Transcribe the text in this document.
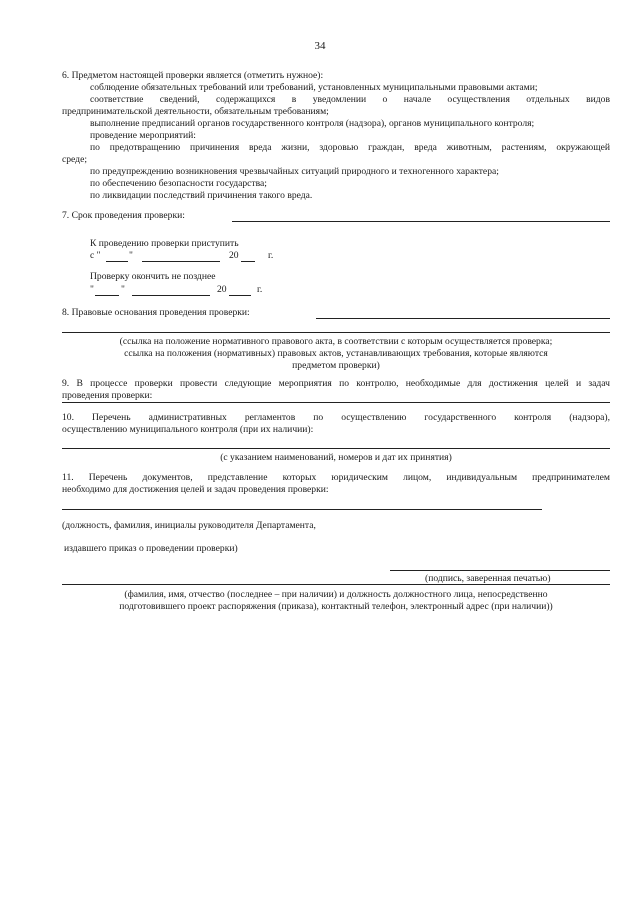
34
6. Предметом настоящей проверки является (отметить нужное):
соблюдение обязательных требований или требований, установленных муниципальными правовыми актами;
соответствие сведений, содержащихся в уведомлении о начале осуществления отдельных видов
предпринимательской деятельности, обязательным требованиям;
выполнение предписаний органов государственного контроля (надзора), органов муниципального контроля;
проведение мероприятий:
по предотвращению причинения вреда жизни, здоровью граждан, вреда животным, растениям, окружающей
среде;
по предупреждению возникновения чрезвычайных ситуаций природного и техногенного характера;
по обеспечению безопасности государства;
по ликвидации последствий причинения такого вреда.
7. Срок проведения проверки:
К проведению проверки приступить
с "	"	20	г.
Проверку окончить не позднее
"	"	20	г.
8. Правовые основания проведения проверки:
(ссылка на положение нормативного правового акта, в соответствии с которым осуществляется проверка;
ссылка на положения (нормативных) правовых актов, устанавливающих требования, которые являются
предметом проверки)
9. В процессе проверки провести следующие мероприятия по контролю, необходимые для достижения целей и задач
проведения проверки:
10. Перечень административных регламентов по осуществлению государственного контроля (надзора),
осуществлению муниципального контроля (при их наличии):
(с указанием наименований, номеров и дат их принятия)
11. Перечень документов, представление которых юридическим лицом, индивидуальным предпринимателем
необходимо для достижения целей и задач проведения проверки:
(должность, фамилия, инициалы руководителя Департамента,
издавшего приказ о проведении проверки)
(подпись, заверенная печатью)
(фамилия, имя, отчество (последнее – при наличии) и должность должностного лица, непосредственно
подготовившего проект распоряжения (приказа), контактный телефон, электронный адрес (при наличии))
